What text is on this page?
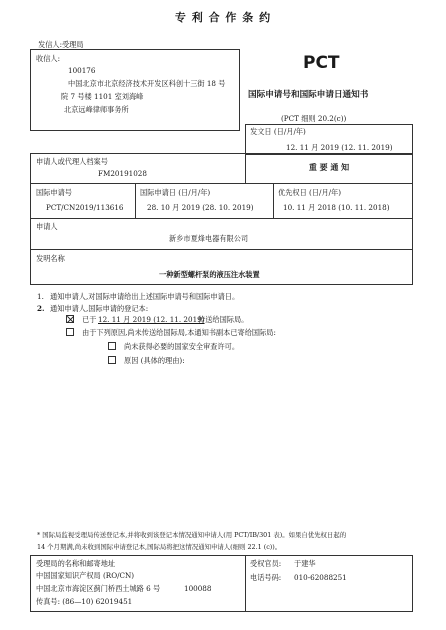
专 利 合 作 条 约
发信人:受理局
收信人:
100176
中国北京市北京经济技术开发区科创十三街 18 号
院 7 号楼 1101 室刘海峰
北京远峰律师事务所
PCT
国际申请号和国际申请日通知书
(PCT 细则 20.2(c))
发文日 (日/月/年)
12. 11 月 2019 (12. 11. 2019)
重 要 通 知
申请人或代理人档案号
FM20191028
国际申请号
PCT/CN2019/113616
国际申请日 (日/月/年)
28. 10 月 2019 (28. 10. 2019)
优先权日 (日/月/年)
10. 11 月 2018 (10. 11. 2018)
申请人
新乡市夏烽电器有限公司
发明名称
一种新型螺杆泵的液压注水装置
1. 通知申请人,对国际申请给出上述国际申请号和国际申请日。
2. 通知申请人,国际申请的登记本:
已于 12. 11 月 2019 (12. 11. 2019)
传送给国际局。
由于下列原因,尚未传送给国际局,本通知书副本已寄给国际局:
尚未获得必要的国家安全审查许可。
原因 (具体的理由):
* 国际局监视受理局传送登记本,并将收到该登记本情况通知申请人(用 PCT/IB/301 表)。如果自优先权日起的
14 个月期满,尚未收到国际申请登记本,国际局将把这情况通知申请人(细则 22.1 (c))。
受理局的名称和邮寄地址
中国国家知识产权局 (RO/CN)
中国北京市海淀区蓟门桥西土城路 6 号	100088
传真号: (86—10) 62019451
受权官员: 于建华
电话号码: 010-62088251
